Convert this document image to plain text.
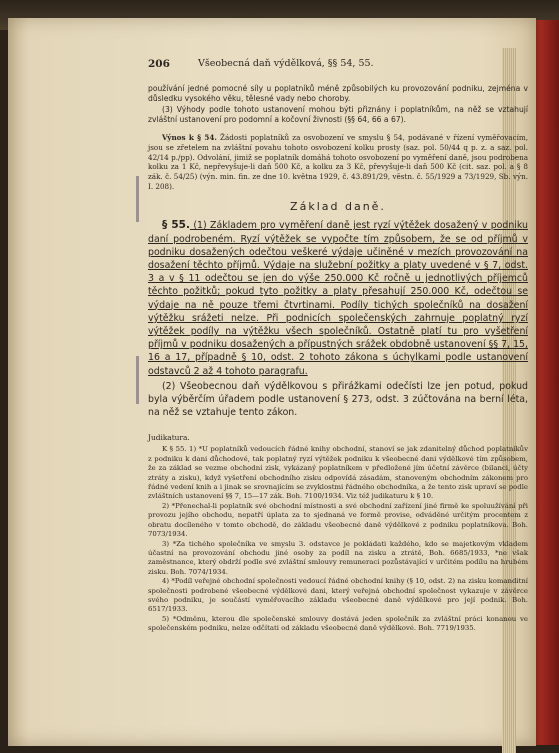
206	Všeobecná daň výdělková, §§ 54, 55.

používání jedné pomocné síly u poplatníků méně způsobilých ku provozování podniku, zejména v důsledku vysokého věku, tělesné vady nebo choroby.

(3) Výhody podle tohoto ustanovení mohou býti přiznány i poplatníkům, na něž se vztahují zvláštní ustanovení pro podomní a kočovní živnosti (§§ 64, 66 a 67).

Výnos k § 54. Žádosti poplatníků za osvobození ve smyslu § 54, podávané v řízení vyměřovacím, jsou se zřetelem na zvláštní povahu tohoto osvobození kolku prosty (saz. pol. 50/44 q p. z. a saz. pol. 42/14 p./pp). Odvolání, jimiž se poplatník domáhá tohoto osvobození po vyměření daně, jsou podrobena kolku za 1 Kč, nepřevyšuje-li daň 500 Kč, a kolku za 3 Kč, převyšuje-li daň 500 Kč (cit. saz. pol. a § 8 zák. č. 54/25) (výn. min. fin. ze dne 10. května 1929, č. 43.891/29, věstn. č. 55/1929 a 73/1929, Sb. výn. I. 208).

Základ daně.

§ 55. (1) Základem pro vyměření daně jest ryzí výtěžek dosažený v podniku daní podrobeném. Ryzí výtěžek se vypočte tím způsobem, že se od příjmů v podniku dosažených odečtou veškeré výdaje učiněné v mezích provozování na dosažení těchto příjmů. Výdaje na služební požitky a platy uvedené v § 7, odst. 3 a v § 11 odečtou se jen do výše 250.000 Kč ročně u jednotlivých příjemců těchto požitků; pokud tyto požitky a platy přesahují 250.000 Kč, odečtou se výdaje na ně pouze třemi čtvrtinami. Podíly tichých společníků na dosažení výtěžku srážeti nelze. Při podnicích společenských zahrnuje poplatný ryzí výtěžek podíly na výtěžku všech společníků. Ostatně platí tu pro vyšetření příjmů v podniku dosažených a přípustných srážek obdobně ustanovení §§ 7, 15, 16 a 17, případně § 10, odst. 2 tohoto zákona s úchylkami podle ustanovení odstavců 2 až 4 tohoto paragrafu.

(2) Všeobecnou daň výdělkovou s přirážkami odečísti lze jen potud, pokud byla výběrčím úřadem podle ustanovení § 273, odst. 3 zúčtována na berní léta, na něž se vztahuje tento zákon.

Judikatura.

K § 55. 1) *U poplatníků vedoucích řádné knihy obchodní, stanoví se jak zdanitelný důchod poplatníkův z podniku k dani důchodové, tak poplatný ryzí výtěžek podniku k všeobecné dani výdělkové tím způsobem, že za základ se vezme obchodní zisk, vykázaný poplatníkem v předložené jím účetní závěrce (bilanci, účty ztráty a zisku), když vyšetření obchodního zisku odpovídá zásadám, stanoveným obchodním zákonem pro řádné vedení knih a i jinak se srovnajícím se zvyklostmi řádného obchodníka, a že tento zisk upraví se podle zvláštních ustanovení §§ 7, 15—17 zák. Boh. 7100/1934. Viz též judikaturu k § 10.

2) *Přenechal-li poplatník své obchodní místnosti a své obchodní zařízení jiné firmě ke spoluužívání při provozu jejího obchodu, nepatří úplata za to sjednaná ve formě provise, odváděné určitým procentem z obratu docíleného v tomto obchodě, do základu všeobecné daně výdělkové z podniku poplatníkova. Boh. 7073/1934.

3) *Za tichého společníka ve smyslu 3. odstavce je pokládati každého, kdo se majetkovým vkladem účastní na provozování obchodu jiné osoby za podíl na zisku a ztrátě, Boh. 6685/1933, *ne však zaměstnance, který obdrží podle své zvláštní smlouvy remuneraci pozůstávající v určitém podílu na hrubém zisku. Boh. 7074/1934.

4) *Podíl veřejné obchodní společnosti vedoucí řádné obchodní knihy (§ 10, odst. 2) na zisku komanditní společnosti podrobené všeobecné výdělkové dani, který veřejná obchodní společnost vykazuje v závěrce svého podniku, je součástí vyměřovacího základu všeobecné daně výdělkové pro její podnik. Boh. 6517/1933.

5) *Odměnu, kterou dle společenské smlouvy dostává jeden společník za zvláštní práci konanou ve společenském podniku, nelze odčítati od základu všeobecné daně výdělkové. Boh. 7719/1935.
